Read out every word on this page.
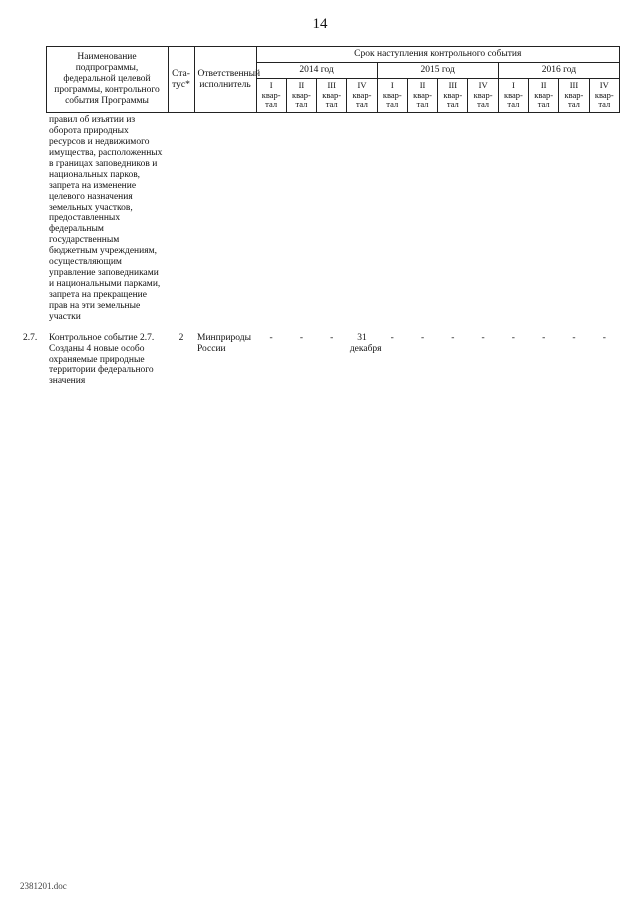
14
	Наименование подпрограммы, федеральной целевой программы, контрольного события Программы	Ста- тус*	Ответственный исполнитель	Срок наступления контрольного события											
				2014 год				2015 год				2016 год			
				I квар- тал	II квар- тал	III квар- тал	IV квар- тал	I квар- тал	II квар- тал	III квар- тал	IV квар- тал	I квар- тал	II квар- тал	III квар- тал	IV квар- тал
	правил об изъятии из оборота природных ресурсов и недвижимого имущества, расположенных в границах заповедников и национальных парков, запрета на изменение целевого назначения земельных участков, предоставленных федеральным государственным бюджетным учреждениям, осуществляющим управление заповедниками и национальными парками, запрета на прекращение прав на эти земельные участки														
2.7.	Контрольное событие 2.7. Созданы 4 новые особо охраняемые природные территории федерального значения	2	Минприроды России	-	-	-	31 декабря	-	-	-	-	-	-	-	-
2381201.doc
